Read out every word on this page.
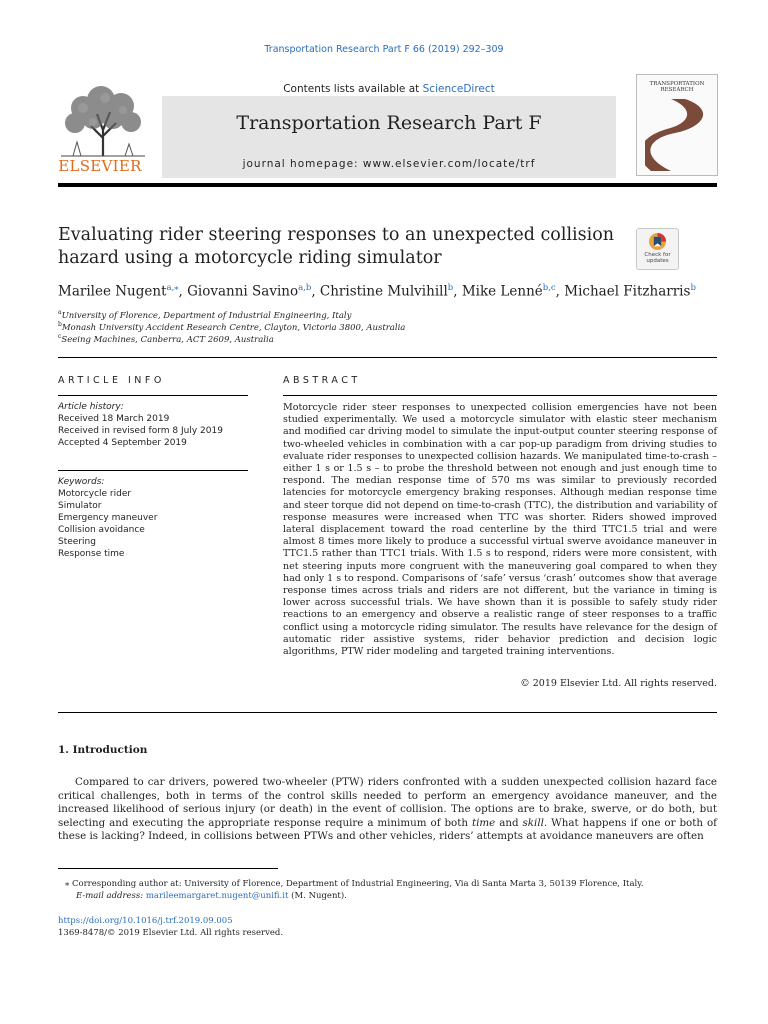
Transportation Research Part F 66 (2019) 292–309
ELSEVIER
Contents lists available at ScienceDirect
Transportation Research Part F
journal homepage: www.elsevier.com/locate/trf
TRANSPORTATION RESEARCH
Evaluating rider steering responses to an unexpected collision hazard using a motorcycle riding simulator	Check for updates
Marilee Nugent$^{a,⁎}$, Giovanni Savino$^{a,b}$, Christine Mulvihill$^b$, Mike Lenné$^{b,c}$, Michael Fitzharris$^b$
$^a$University of Florence, Department of Industrial Engineering, Italy
$^b$Monash University Accident Research Centre, Clayton, Victoria 3800, Australia
$^c$Seeing Machines, Canberra, ACT 2609, Australia
ARTICLE INFO	ABSTRACT
Article history:
Received 18 March 2019
Received in revised form 8 July 2019
Accepted 4 September 2019
Keywords:
Motorcycle rider
Simulator
Emergency maneuver
Collision avoidance
Steering
Response time
Motorcycle rider steer responses to unexpected collision emergencies have not been studied experimentally. We used a motorcycle simulator with elastic steer mechanism and modified car driving model to simulate the input-output counter steering response of two-wheeled vehicles in combination with a car pop-up paradigm from driving studies to evaluate rider responses to unexpected collision hazards. We manipulated time-to-crash – either 1 s or 1.5 s – to probe the threshold between not enough and just enough time to respond. The median response time of 570 ms was similar to previously recorded latencies for motorcycle emergency braking responses. Although median response time and steer torque did not depend on time-to-crash (TTC), the distribution and variability of response measures were increased when TTC was shorter. Riders showed improved lateral displacement toward the road centerline by the third TTC1.5 trial and were almost 8 times more likely to produce a successful virtual swerve avoidance maneuver in TTC1.5 rather than TTC1 trials. With 1.5 s to respond, riders were more consistent, with net steering inputs more congruent with the maneuvering goal compared to when they had only 1 s to respond. Comparisons of ‘safe’ versus ‘crash’ outcomes show that average response times across trials and riders are not different, but the variance in timing is lower across successful trials. We have shown than it is possible to safely study rider reactions to an emergency and observe a realistic range of steer responses to a traffic conflict using a motorcycle riding simulator. The results have relevance for the design of automatic rider assistive systems, rider behavior prediction and decision logic algorithms, PTW rider modeling and targeted training interventions.
© 2019 Elsevier Ltd. All rights reserved.
1. Introduction
Compared to car drivers, powered two-wheeler (PTW) riders confronted with a sudden unexpected collision hazard face critical challenges, both in terms of the control skills needed to perform an emergency avoidance maneuver, and the increased likelihood of serious injury (or death) in the event of collision. The options are to brake, swerve, or do both, but selecting and executing the appropriate response require a minimum of both time and skill. What happens if one or both of these is lacking? Indeed, in collisions between PTWs and other vehicles, riders’ attempts at avoidance maneuvers are often
⁎ Corresponding author at: University of Florence, Department of Industrial Engineering, Via di Santa Marta 3, 50139 Florence, Italy.
E-mail address: marileemargaret.nugent@unifi.it (M. Nugent).
https://doi.org/10.1016/j.trf.2019.09.005
1369-8478/© 2019 Elsevier Ltd. All rights reserved.
